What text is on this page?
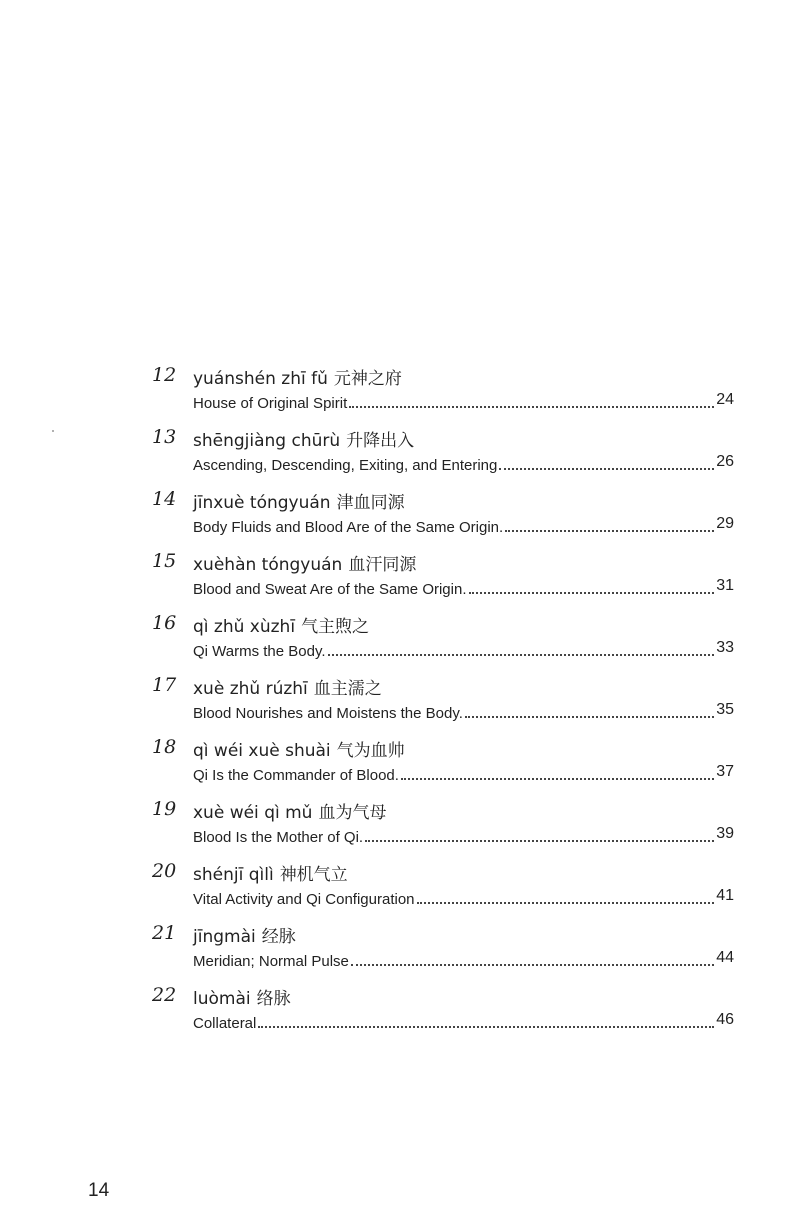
12 yuánshén zhī fǔ 元神之府
House of Original Spirit	24
13 shēngjiàng chūrù 升降出入
Ascending, Descending, Exiting, and Entering	26
14 jīnxuè tóngyuán 津血同源
Body Fluids and Blood Are of the Same Origin.	29
15 xuèhàn tóngyuán 血汗同源
Blood and Sweat Are of the Same Origin.	31
16 qì zhǔ xùzhī 气主煦之
Qi Warms the Body.	33
17 xuè zhǔ rúzhī 血主濡之
Blood Nourishes and Moistens the Body.	35
18 qì wéi xuè shuài 气为血帅
Qi Is the Commander of Blood.	37
19 xuè wéi qì mǔ 血为气母
Blood Is the Mother of Qi.	39
20 shénjī qìlì 神机气立
Vital Activity and Qi Configuration	41
21 jīngmài 经脉
Meridian; Normal Pulse	44
22 luòmài 络脉
Collateral	46
14
